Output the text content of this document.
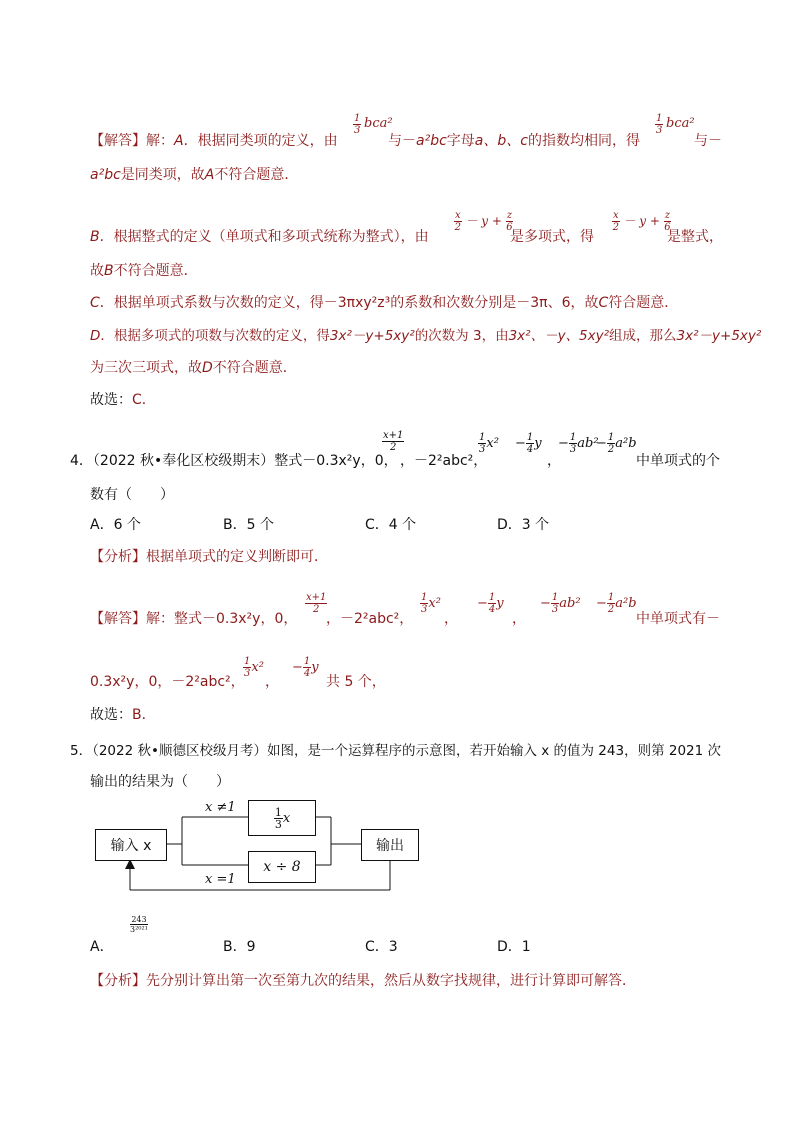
【解答】解：A．根据同类项的定义，由
$\frac{1}{3} bca^2$
与－a²bc字母a、b、c的指数均相同，得
$\frac{1}{3} bca^2$
与－
a²bc是同类项，故A不符合题意．
B．根据整式的定义（单项式和多项式统称为整式），由
$\frac{x}{2} - y + \frac{z}{6}$
是多项式，得
$\frac{x}{2} - y + \frac{z}{6}$
是整式，
故B不符合题意．
C．根据单项式系数与次数的定义，得－3πxy²z³的系数和次数分别是－3π、6，故C符合题意．
D．根据多项式的项数与次数的定义，得3x²－y+5xy²的次数为 3，由3x²、－y、5xy²组成，那么3x²－y+5xy²
为三次三项式，故D不符合题意．
故选：C．
4．（2022 秋•奉化区校级期末）整式－0.3x²y，0，
$\frac{x+1}{2}$
，－2²abc²，
$\frac{1}{3} x^2 - \frac{1}{4}$ y
，
− $\frac{1}{3} ab^2$
− $\frac{1}{2} a^2b$
中单项式的个
数有（　　）
A．6 个	B．5 个	C．4 个	D．3 个
【分析】根据单项式的定义判断即可．
【解答】解：整式－0.3x²y，0，
$\frac{x+1}{2}$
，－2²abc²，
$\frac{1}{3} x^2$
，
− $\frac{1}{4}$ y
，
− $\frac{1}{3} ab^2 - \frac{1}{2} a^2b$
中单项式有－
0.3x²y，0，－2²abc²，
$\frac{1}{3} x^2$
，
− $\frac{1}{4}$ y
共 5 个，
故选：B．
5．（2022 秋•顺德区校级月考）如图，是一个运算程序的示意图，若开始输入 x 的值为 243，则第 2021 次
输出的结果为（　　）
输入 x
$\frac{1}{3}$ x
x ÷ 8
输出
x ≠1
x =1
A．
$\frac{243}{\text{3²⁰²¹}}$
B．9	C．3	D．1
【分析】先分别计算出第一次至第九次的结果，然后从数字找规律，进行计算即可解答．
